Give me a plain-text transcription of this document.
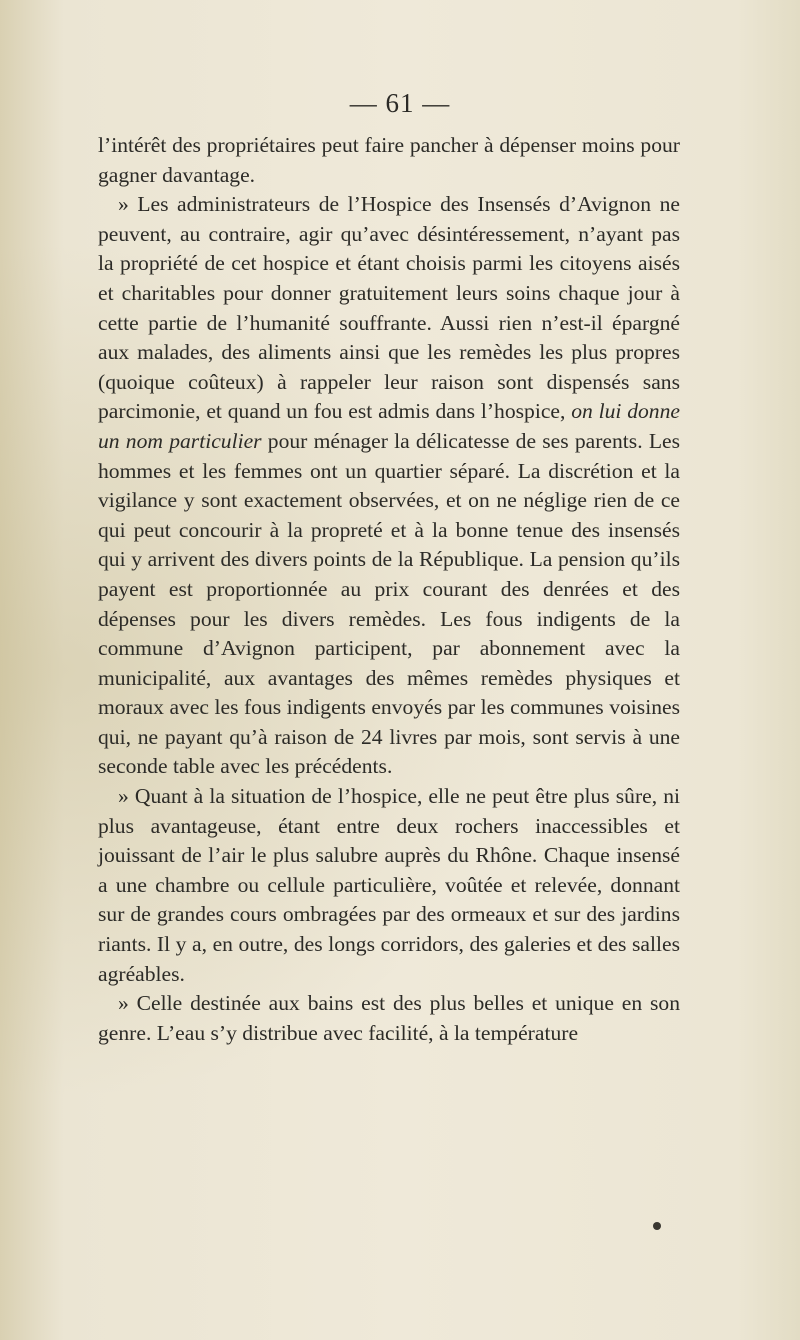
— 61 —

l’intérêt des propriétaires peut faire pancher à dépenser moins pour gagner davantage.

» Les administrateurs de l’Hospice des Insensés d’Avignon ne peuvent, au contraire, agir qu’avec désintéressement, n’ayant pas la propriété de cet hospice et étant choisis parmi les citoyens aisés et charitables pour donner gratuitement leurs soins chaque jour à cette partie de l’humanité souffrante. Aussi rien n’est-il épargné aux malades, des aliments ainsi que les remèdes les plus propres (quoique coûteux) à rappeler leur raison sont dispensés sans parcimonie, et quand un fou est admis dans l’hospice, on lui donne un nom particulier pour ménager la délicatesse de ses parents. Les hommes et les femmes ont un quartier séparé. La discrétion et la vigilance y sont exactement observées, et on ne néglige rien de ce qui peut concourir à la propreté et à la bonne tenue des insensés qui y arrivent des divers points de la République. La pension qu’ils payent est proportionnée au prix courant des denrées et des dépenses pour les divers remèdes. Les fous indigents de la commune d’Avignon participent, par abonnement avec la municipalité, aux avantages des mêmes remèdes physiques et moraux avec les fous indigents envoyés par les communes voisines qui, ne payant qu’à raison de 24 livres par mois, sont servis à une seconde table avec les précédents.

» Quant à la situation de l’hospice, elle ne peut être plus sûre, ni plus avantageuse, étant entre deux rochers inaccessibles et jouissant de l’air le plus salubre auprès du Rhône. Chaque insensé a une chambre ou cellule particulière, voûtée et relevée, donnant sur de grandes cours ombragées par des ormeaux et sur des jardins riants. Il y a, en outre, des longs corridors, des galeries et des salles agréables.

» Celle destinée aux bains est des plus belles et unique en son genre. L’eau s’y distribue avec facilité, à la température
